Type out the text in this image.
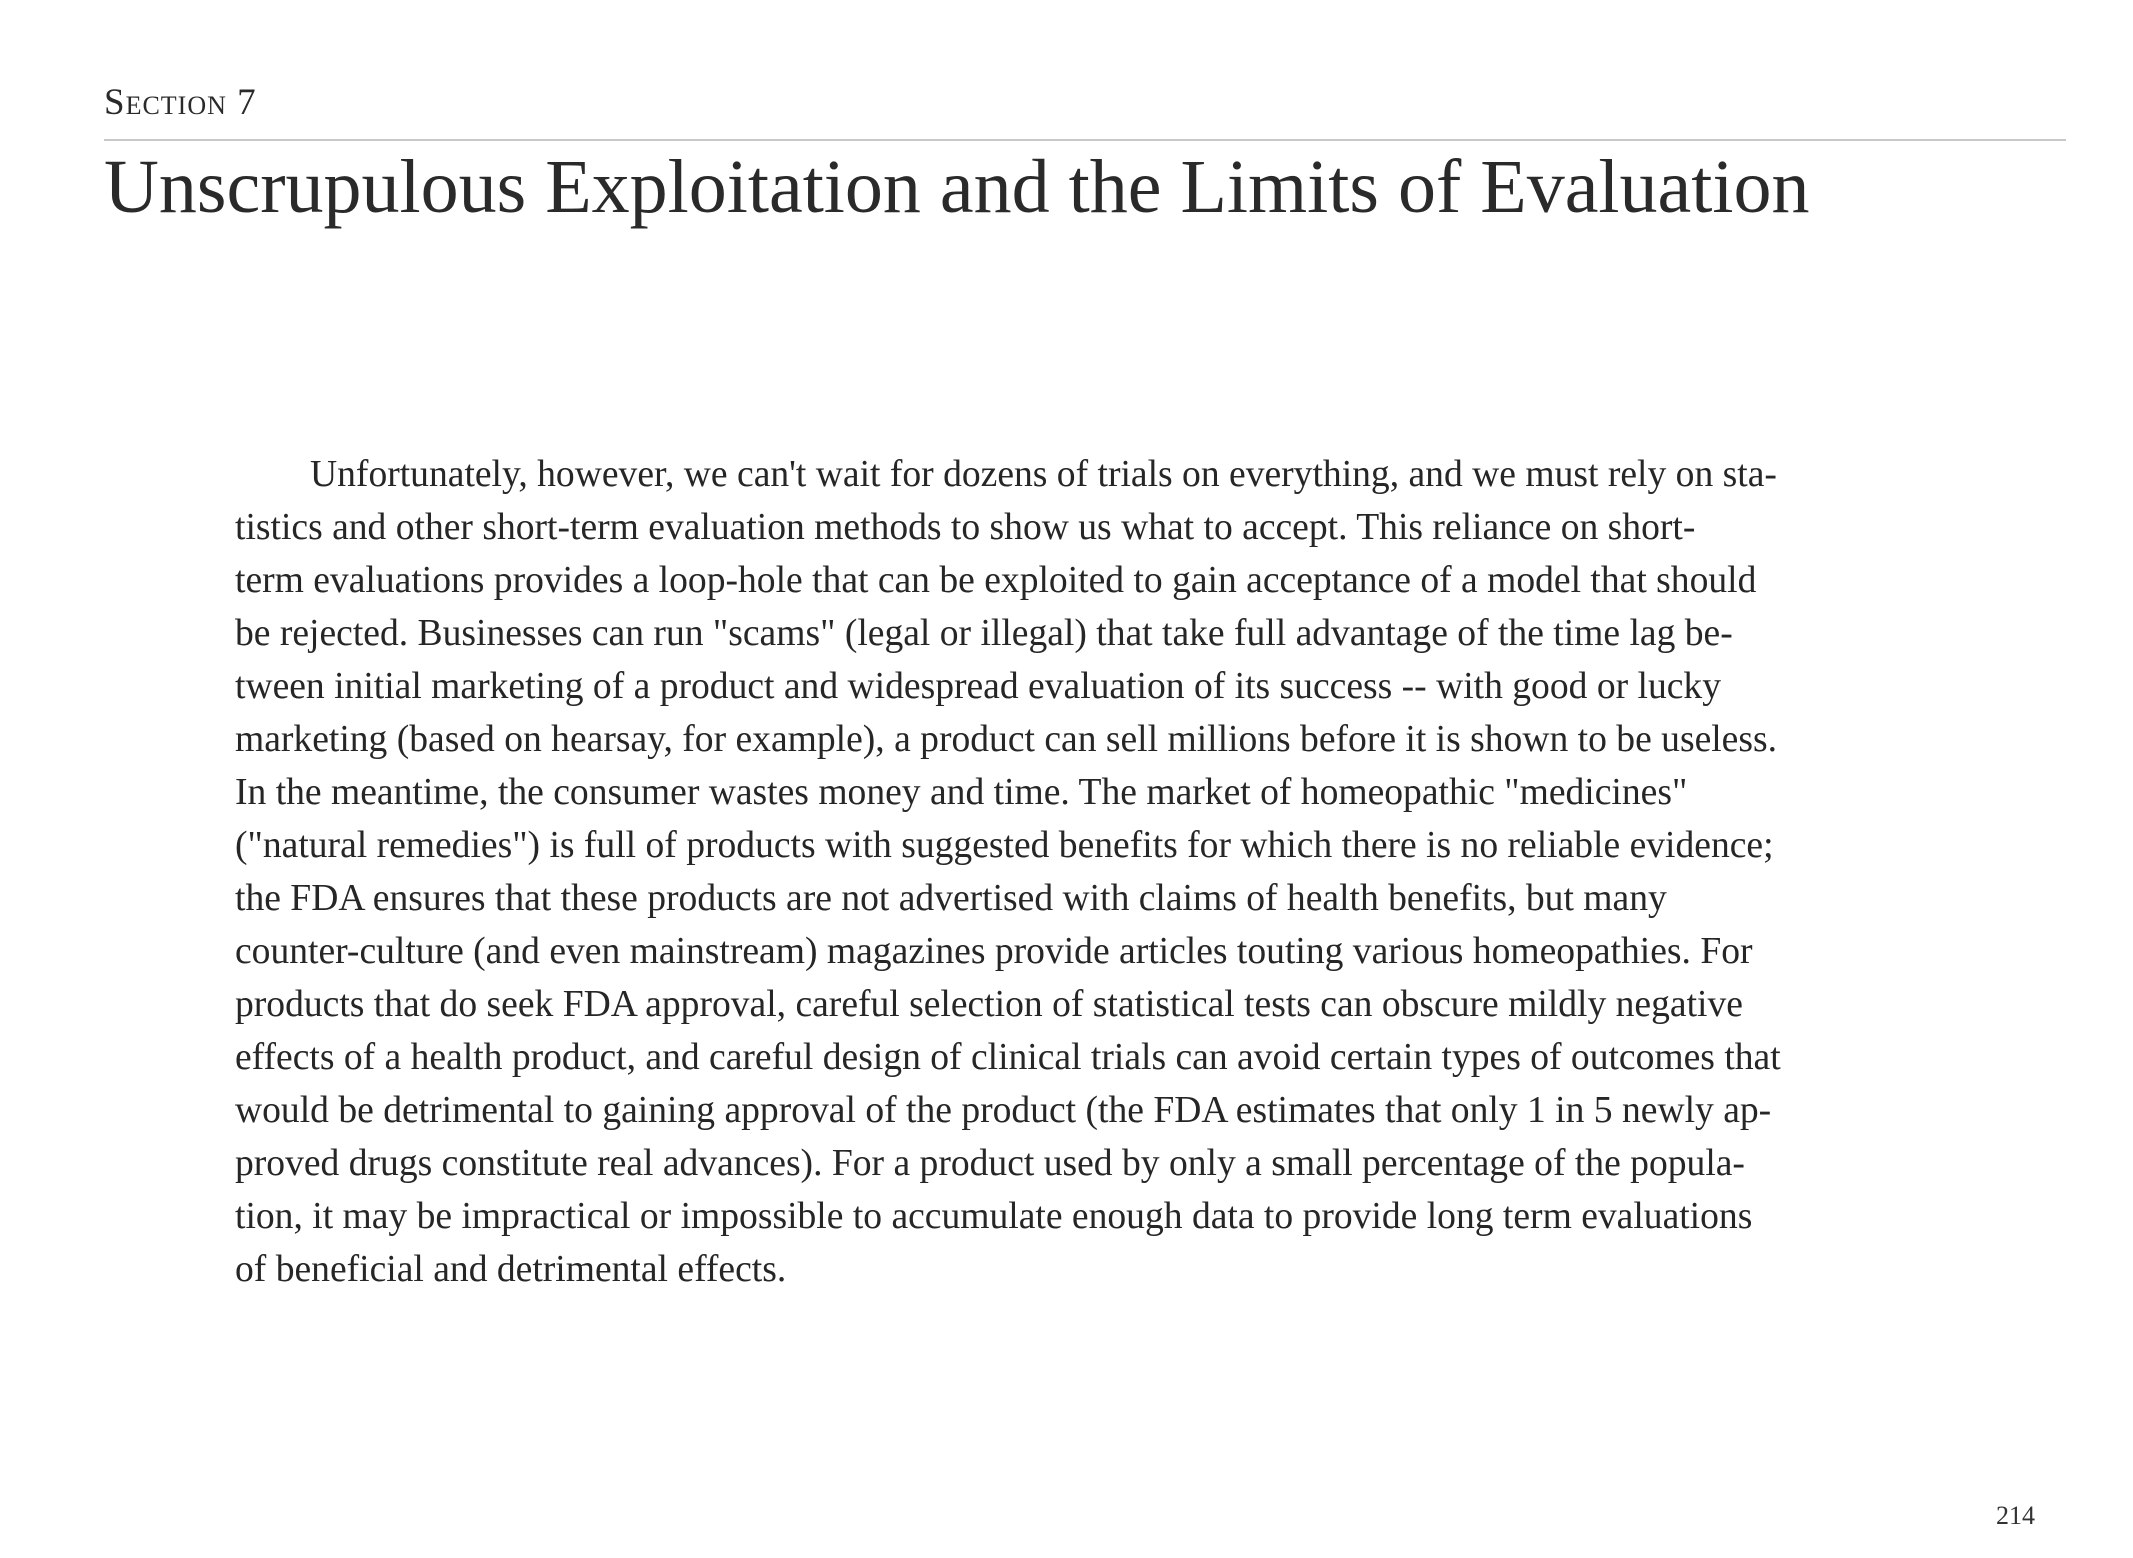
Section 7
Unscrupulous Exploitation and the Limits of Evaluation

Unfortunately, however, we can't wait for dozens of trials on everything, and we must rely on sta-
tistics and other short-term evaluation methods to show us what to accept. This reliance on short-
term evaluations provides a loop-hole that can be exploited to gain acceptance of a model that should
be rejected. Businesses can run "scams" (legal or illegal) that take full advantage of the time lag be-
tween initial marketing of a product and widespread evaluation of its success -- with good or lucky
marketing (based on hearsay, for example), a product can sell millions before it is shown to be useless.
In the meantime, the consumer wastes money and time. The market of homeopathic "medicines"
("natural remedies") is full of products with suggested benefits for which there is no reliable evidence;
the FDA ensures that these products are not advertised with claims of health benefits, but many
counter-culture (and even mainstream) magazines provide articles touting various homeopathies. For
products that do seek FDA approval, careful selection of statistical tests can obscure mildly negative
effects of a health product, and careful design of clinical trials can avoid certain types of outcomes that
would be detrimental to gaining approval of the product (the FDA estimates that only 1 in 5 newly ap-
proved drugs constitute real advances). For a product used by only a small percentage of the popula-
tion, it may be impractical or impossible to accumulate enough data to provide long term evaluations
of beneficial and detrimental effects.

214
